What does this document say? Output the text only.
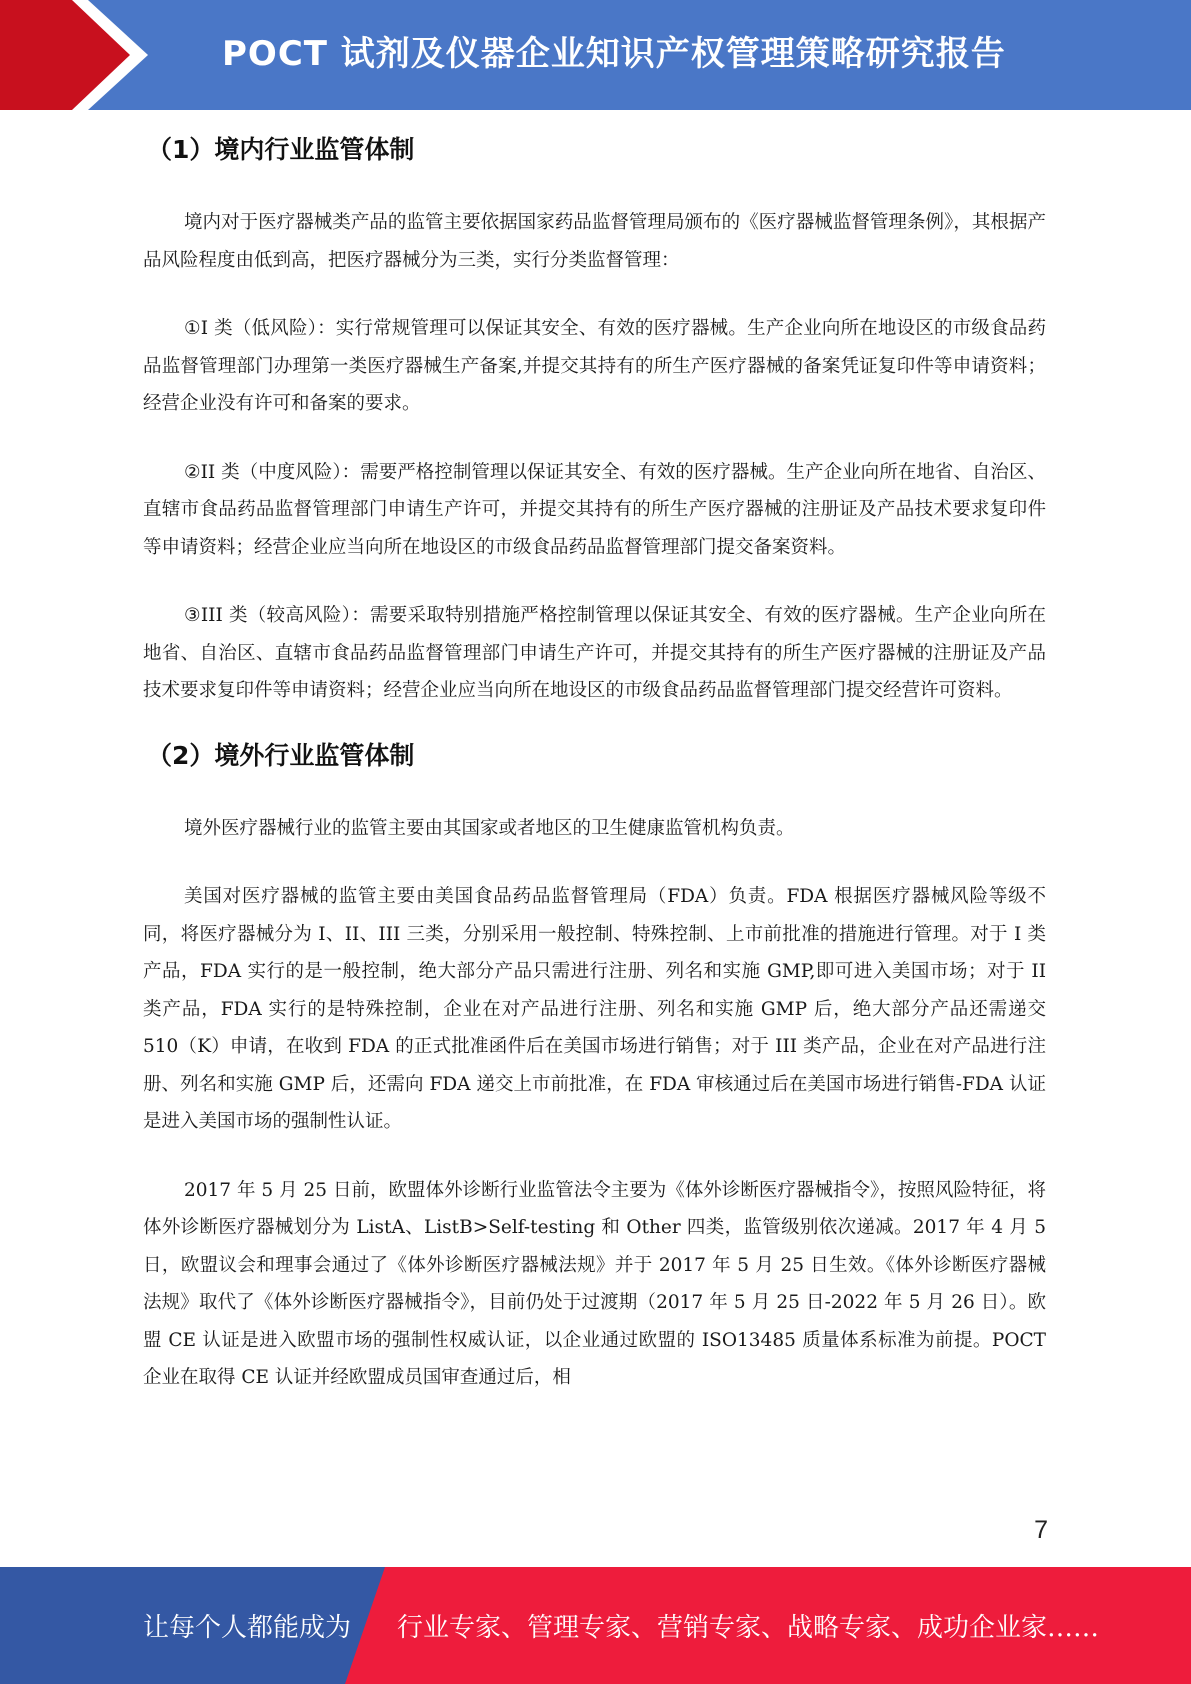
POCT 试剂及仪器企业知识产权管理策略研究报告
（1）境内行业监管体制

境内对于医疗器械类产品的监管主要依据国家药品监督管理局颁布的《医疗器械监督管理条例》，其根据产品风险程度由低到高，把医疗器械分为三类，实行分类监督管理：

①I 类（低风险）：实行常规管理可以保证其安全、有效的医疗器械。生产企业向所在地设区的市级食品药品监督管理部门办理第一类医疗器械生产备案,并提交其持有的所生产医疗器械的备案凭证复印件等申请资料；经营企业没有许可和备案的要求。

②II 类（中度风险）：需要严格控制管理以保证其安全、有效的医疗器械。生产企业向所在地省、自治区、直辖市食品药品监督管理部门申请生产许可，并提交其持有的所生产医疗器械的注册证及产品技术要求复印件等申请资料；经营企业应当向所在地设区的市级食品药品监督管理部门提交备案资料。

③III 类（较高风险）：需要采取特别措施严格控制管理以保证其安全、有效的医疗器械。生产企业向所在地省、自治区、直辖市食品药品监督管理部门申请生产许可，并提交其持有的所生产医疗器械的注册证及产品技术要求复印件等申请资料；经营企业应当向所在地设区的市级食品药品监督管理部门提交经营许可资料。

（2）境外行业监管体制

境外医疗器械行业的监管主要由其国家或者地区的卫生健康监管机构负责。

美国对医疗器械的监管主要由美国食品药品监督管理局（FDA）负责。FDA 根据医疗器械风险等级不同，将医疗器械分为 I、II、III 三类，分别采用一般控制、特殊控制、上市前批准的措施进行管理。对于 I 类产品，FDA 实行的是一般控制，绝大部分产品只需进行注册、列名和实施 GMP,即可进入美国市场；对于 II 类产品，FDA 实行的是特殊控制，企业在对产品进行注册、列名和实施 GMP 后，绝大部分产品还需递交 510（K）申请，在收到 FDA 的正式批准函件后在美国市场进行销售；对于 III 类产品，企业在对产品进行注册、列名和实施 GMP 后，还需向 FDA 递交上市前批准，在 FDA 审核通过后在美国市场进行销售-FDA 认证是进入美国市场的强制性认证。

2017 年 5 月 25 日前，欧盟体外诊断行业监管法令主要为《体外诊断医疗器械指令》，按照风险特征，将体外诊断医疗器械划分为 ListA、ListB>Self-testing 和 Other 四类，监管级别依次递减。2017 年 4 月 5 日，欧盟议会和理事会通过了《体外诊断医疗器械法规》并于 2017 年 5 月 25 日生效。《体外诊断医疗器械法规》取代了《体外诊断医疗器械指令》，目前仍处于过渡期（2017 年 5 月 25 日-2022 年 5 月 26 日）。欧盟 CE 认证是进入欧盟市场的强制性权威认证，以企业通过欧盟的 ISO13485 质量体系标准为前提。POCT 企业在取得 CE 认证并经欧盟成员国审查通过后，相

7
让每个人都能成为 行业专家、管理专家、营销专家、战略专家、成功企业家……
